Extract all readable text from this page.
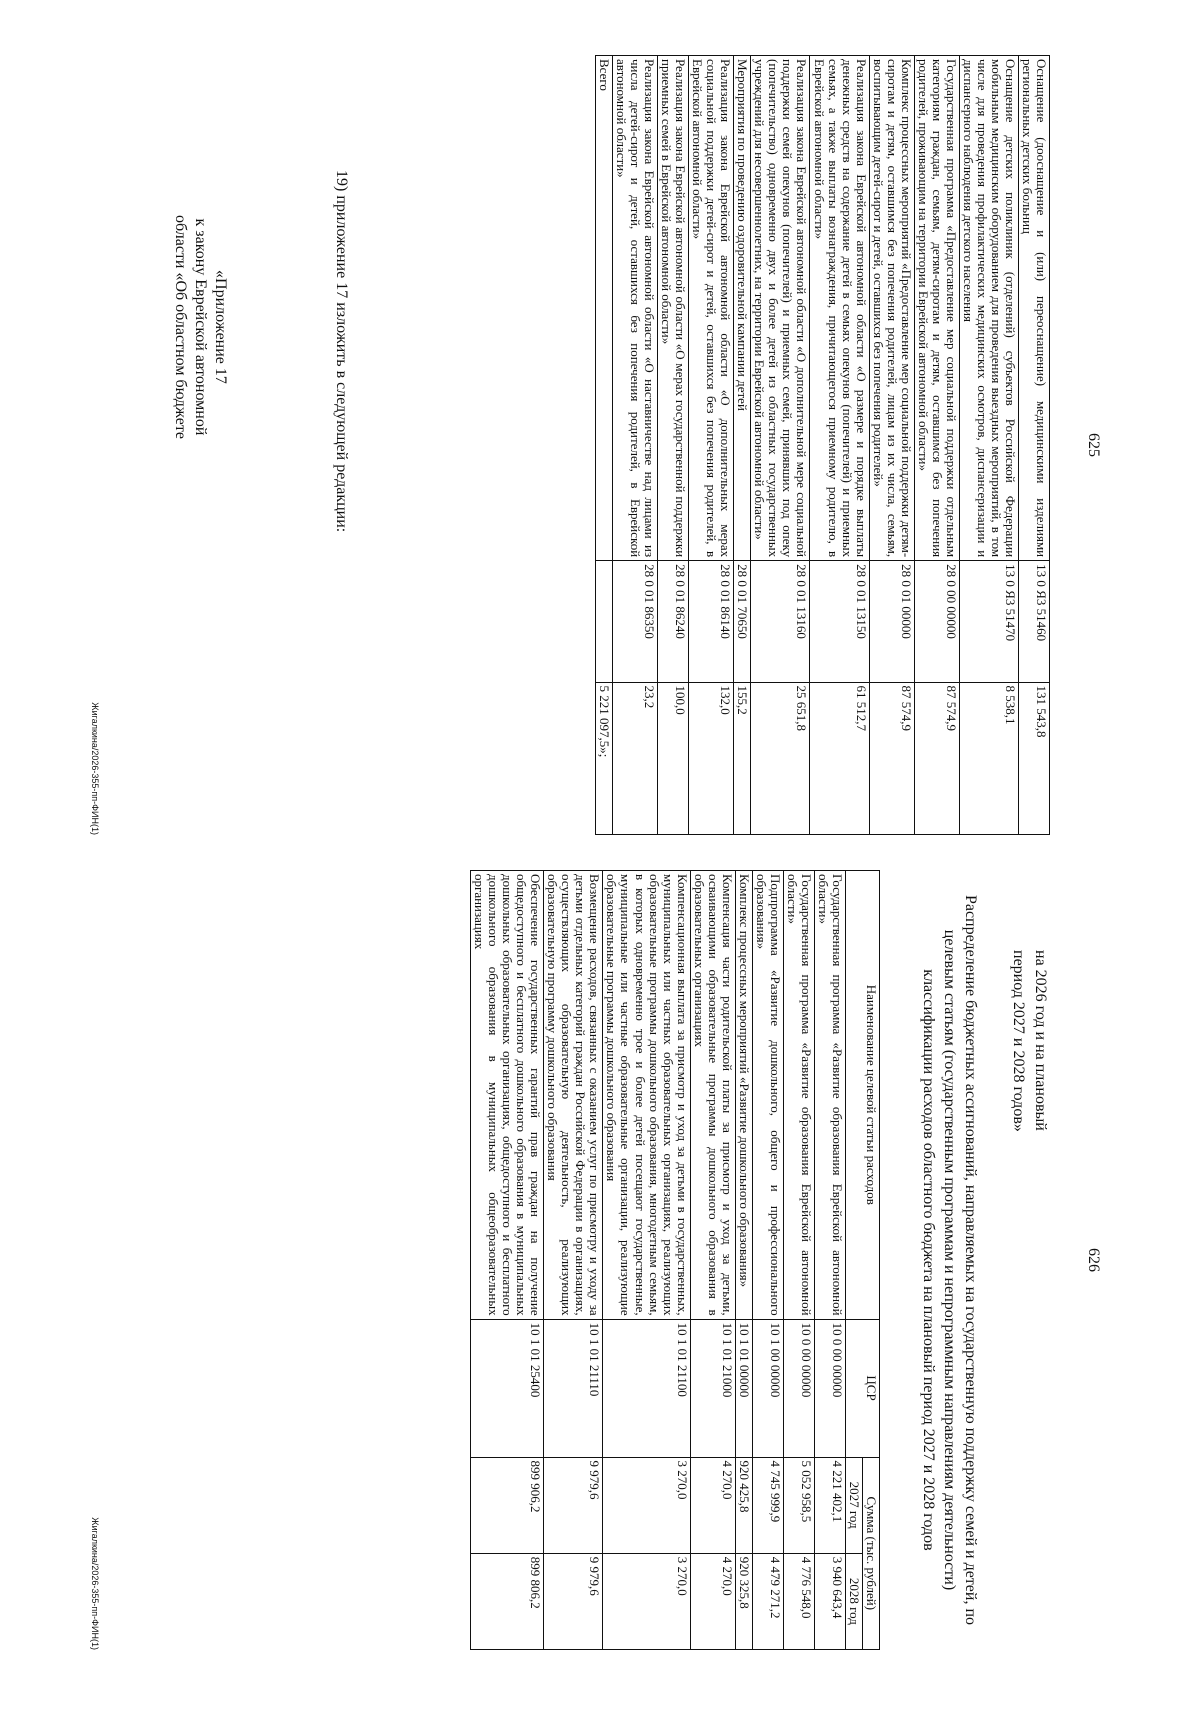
625
Оснащение (дооснащение и (или) переоснащение) медицинскими изделиями региональных детских больниц	13 0 Я3 51460	131 543,8
Оснащение детских поликлиник (отделений) субъектов Российской Федерации мобильным медицинским оборудованием для проведения выездных мероприятий, в том числе для проведения профилактических медицинских осмотров, диспансеризации и диспансерного наблюдения детского населения	13 0 Я3 51470	8 538,1
Государственная программа «Предоставление мер социальной поддержки отдельным категориям граждан, семьям, детям-сиротам и детям, оставшимся без попечения родителей, проживающим на территории Еврейской автономной области»	28 0 00 00000	87 574,9
Комплекс процессных мероприятий «Предоставление мер социальной поддержки детям-сиротам и детям, оставшимся без попечения родителей, лицам из их числа, семьям, воспитывающим детей-сирот и детей, оставшихся без попечения родителей»	28 0 01 00000	87 574,9
Реализация закона Еврейской автономной области «О размере и порядке выплаты денежных средств на содержание детей в семьях опекунов (попечителей) и приемных семьях, а также выплаты вознаграждения, причитающегося приемному родителю, в Еврейской автономной области»	28 0 01 13150	61 512,7
Реализация закона Еврейской автономной области «О дополнительной мере социальной поддержки семей опекунов (попечителей) и приемных семей, принявших под опеку (попечительство) одновременно двух и более детей из областных государственных учреждений для несовершеннолетних, на территории Еврейской автономной области»	28 0 01 13160	25 651,8
Мероприятия по проведению оздоровительной кампании детей	28 0 01 70650	155,2
Реализация закона Еврейской автономной области «О дополнительных мерах социальной поддержки детей-сирот и детей, оставшихся без попечения родителей, в Еврейской автономной области»	28 0 01 86140	132,0
Реализация закона Еврейской автономной области «О мерах государственной поддержки приемных семей в Еврейской автономной области»	28 0 01 86240	100,0
Реализация закона Еврейской автономной области «О наставничестве над лицами из числа детей-сирот и детей, оставшихся без попечения родителей, в Еврейской автономной области»	28 0 01 86350	23,2
Всего		5 221 097,5»;
19) приложение 17 изложить в следующей редакции:
«Приложение 17
к закону Еврейской автономной
области «Об областном бюджете
Жигалкина/2026-355-пп-ФИН(1)
626
на 2026 год и на плановый
период 2027 и 2028 годов»
Распределение бюджетных ассигнований, направляемых на государственную поддержку семей и детей, по целевым статьям (государственным программам и непрограммным направлениям деятельности) классификации расходов областного бюджета на плановый период 2027 и 2028 годов
Наименование целевой статьи расходов	ЦСР	Сумма (тыс. рублей)	
		2027 год	2028 год
Государственная программа «Развитие образования Еврейской автономной области»	10 0 00 00000	4 221 402,1	3 940 643,4
Государственная программа «Развитие образования Еврейской автономной области»	10 0 00 00000	5 052 958,5	4 776 548,0
Подпрограмма «Развитие дошкольного, общего и профессионального образования»	10 1 00 00000	4 745 999,9	4 479 271,2
Комплекс процессных мероприятий «Развитие дошкольного образования»	10 1 01 00000	920 425,8	920 325,8
Компенсация части родительской платы за присмотр и уход за детьми, осваивающими образовательные программы дошкольного образования в образовательных организациях	10 1 01 21000	4 270,0	4 270,0
Компенсационная выплата за присмотр и уход за детьми в государственных, муниципальных или частных образовательных организациях, реализующих образовательные программы дошкольного образования, многодетным семьям, в которых одновременно трое и более детей посещают государственные, муниципальные или частные образовательные организации, реализующие образовательные программы дошкольного образования	10 1 01 21100	3 270,0	3 270,0
Возмещение расходов, связанных с оказанием услуг по присмотру и уходу за детьми отдельных категорий граждан Российской Федерации в организациях, осуществляющих образовательную деятельность, реализующих образовательную программу дошкольного образования	10 1 01 21110	9 979,6	9 979,6
Обеспечение государственных гарантий прав граждан на получение общедоступного и бесплатного дошкольного образования в муниципальных дошкольных образовательных организациях, общедоступного и бесплатного дошкольного образования в муниципальных общеобразовательных организациях	10 1 01 25400	899 906,2	899 806,2
Жигалкина/2026-355-пп-ФИН(1)
